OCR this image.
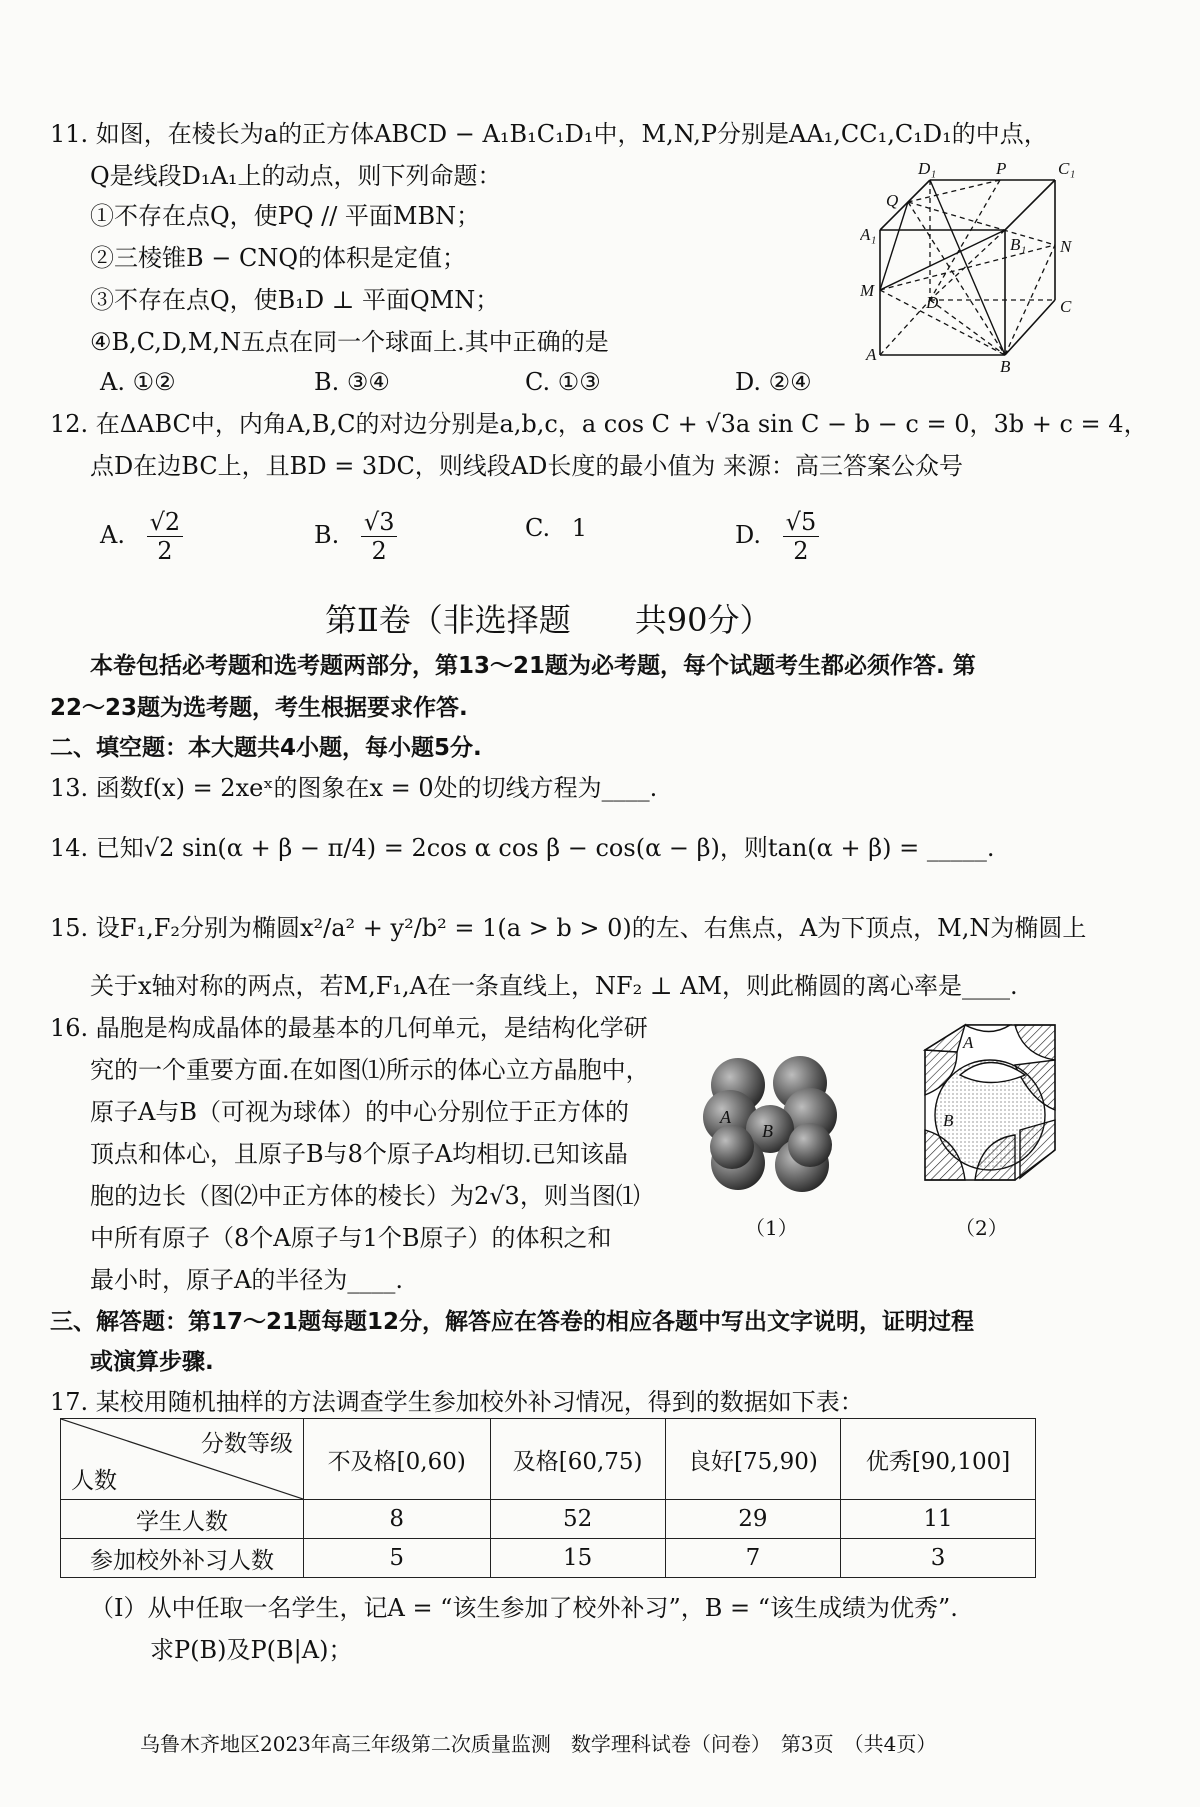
11. 如图，在棱长为a的正方体ABCD − A₁B₁C₁D₁中，M,N,P分别是AA₁,CC₁,C₁D₁的中点，
Q是线段D₁A₁上的动点，则下列命题：
①不存在点Q，使PQ // 平面MBN；
②三棱锥B − CNQ的体积是定值；
③不存在点Q，使B₁D ⊥ 平面QMN；
④B,C,D,M,N五点在同一个球面上.其中正确的是
A. ①②	B. ③④	C. ①③	D. ②④
D₁	P	C₁
Q
A₁
B₁ N
M
D	C
A
B
12. 在ΔABC中，内角A,B,C的对边分别是a,b,c，a cos C + √3a sin C − b − c = 0，3b + c = 4，
点D在边BC上，且BD = 3DC，则线段AD长度的最小值为 来源：高三答案公众号
A. $\frac{√2}{2}$	B. $\frac{√3}{2}$	C. 1	D. $\frac{√5}{2}$
第Ⅱ卷（非选择题　　共90分）
本卷包括必考题和选考题两部分，第13～21题为必考题，每个试题考生都必须作答. 第
22～23题为选考题，考生根据要求作答.
二、填空题：本大题共4小题，每小题5分.
13. 函数f(x) = 2xeˣ的图象在x = 0处的切线方程为____.
14. 已知√2 sin(α + β − π/4) = 2cos α cos β − cos(α − β)，则tan(α + β) = _____.
15. 设F₁,F₂分别为椭圆x²/a² + y²/b² = 1(a > b > 0)的左、右焦点，A为下顶点，M,N为椭圆上
关于x轴对称的两点，若M,F₁,A在一条直线上，NF₂ ⊥ AM，则此椭圆的离心率是____.
16. 晶胞是构成晶体的最基本的几何单元，是结构化学研
究的一个重要方面.在如图⑴所示的体心立方晶胞中，
原子A与B（可视为球体）的中心分别位于正方体的
顶点和体心，且原子B与8个原子A均相切.已知该晶
胞的边长（图⑵中正方体的棱长）为2√3，则当图⑴
中所有原子（8个A原子与1个B原子）的体积之和
最小时，原子A的半径为____.
A
B
（1）
A
B
（2）
三、解答题：第17～21题每题12分，解答应在答卷的相应各题中写出文字说明，证明过程
或演算步骤.
17. 某校用随机抽样的方法调查学生参加校外补习情况，得到的数据如下表：
分数等级
人数	不及格[0,60)	及格[60,75)	良好[75,90)	优秀[90,100]
学生人数	8	52	29	11
参加校外补习人数	5	15	7	3
（Ⅰ）从中任取一名学生，记A = “该生参加了校外补习”，B = “该生成绩为优秀”.
求P(B)及P(B|A)；
乌鲁木齐地区2023年高三年级第二次质量监测　数学理科试卷（问卷）　第3页　（共4页）
